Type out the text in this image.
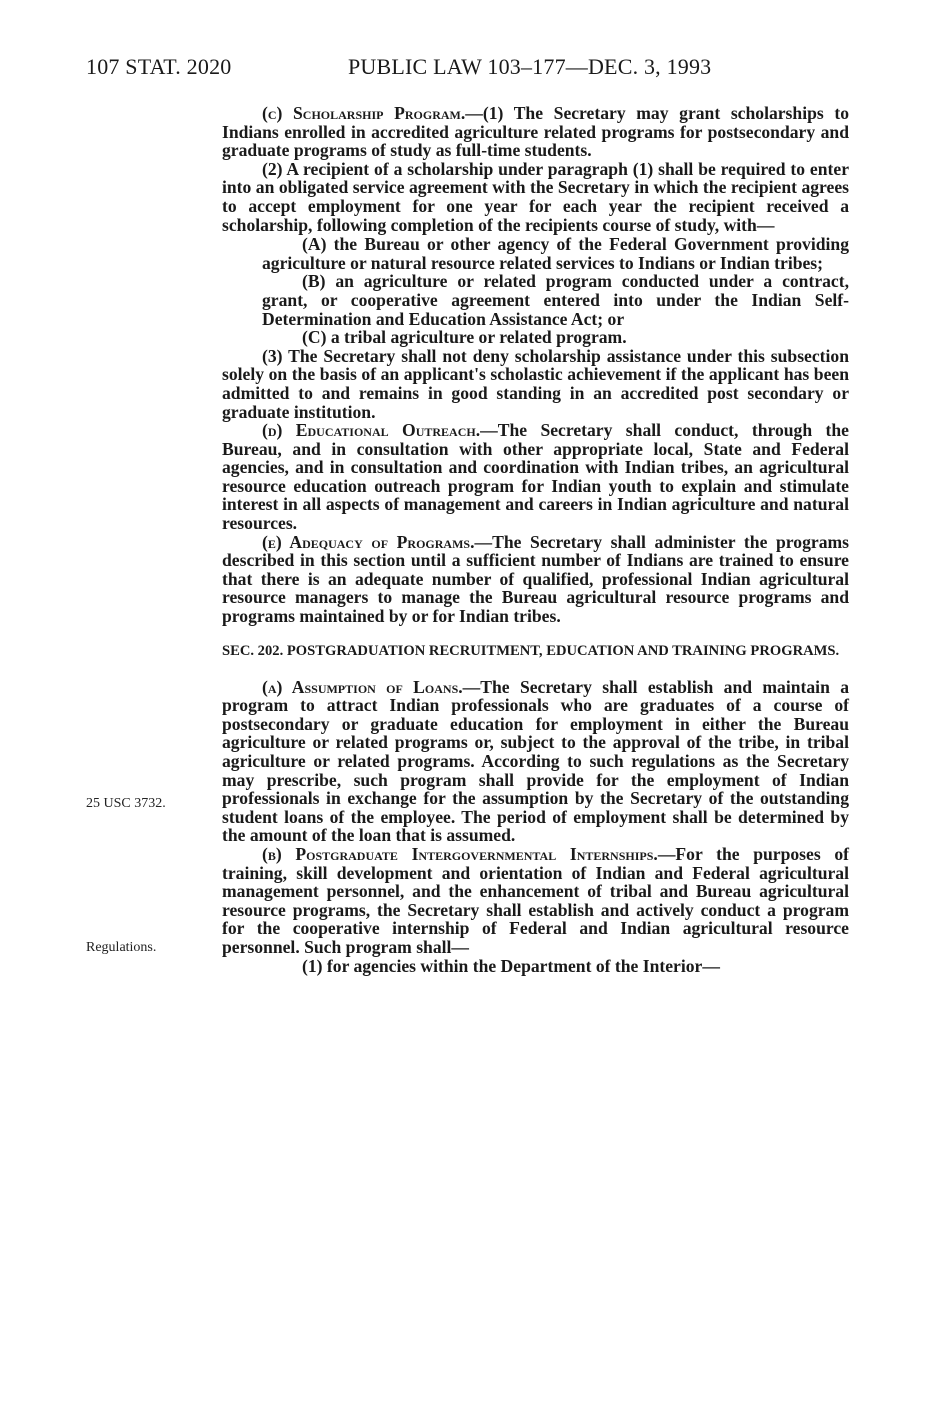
107 STAT. 2020	PUBLIC LAW 103–177—DEC. 3, 1993
25 USC 3732.
Regulations.

(c) Scholarship Program.—(1) The Secretary may grant scholarships to Indians enrolled in accredited agriculture related programs for postsecondary and graduate programs of study as full-time students.

(2) A recipient of a scholarship under paragraph (1) shall be required to enter into an obligated service agreement with the Secretary in which the recipient agrees to accept employment for one year for each year the recipient received a scholarship, following completion of the recipients course of study, with—

(A) the Bureau or other agency of the Federal Government providing agriculture or natural resource related services to Indians or Indian tribes;

(B) an agriculture or related program conducted under a contract, grant, or cooperative agreement entered into under the Indian Self-Determination and Education Assistance Act; or

(C) a tribal agriculture or related program.

(3) The Secretary shall not deny scholarship assistance under this subsection solely on the basis of an applicant's scholastic achievement if the applicant has been admitted to and remains in good standing in an accredited post secondary or graduate institution.

(d) Educational Outreach.—The Secretary shall conduct, through the Bureau, and in consultation with other appropriate local, State and Federal agencies, and in consultation and coordination with Indian tribes, an agricultural resource education outreach program for Indian youth to explain and stimulate interest in all aspects of management and careers in Indian agriculture and natural resources.

(e) Adequacy of Programs.—The Secretary shall administer the programs described in this section until a sufficient number of Indians are trained to ensure that there is an adequate number of qualified, professional Indian agricultural resource managers to manage the Bureau agricultural resource programs and programs maintained by or for Indian tribes.

SEC. 202. POSTGRADUATION RECRUITMENT, EDUCATION AND TRAINING PROGRAMS.

(a) Assumption of Loans.—The Secretary shall establish and maintain a program to attract Indian professionals who are graduates of a course of postsecondary or graduate education for employment in either the Bureau agriculture or related programs or, subject to the approval of the tribe, in tribal agriculture or related programs. According to such regulations as the Secretary may prescribe, such program shall provide for the employment of Indian professionals in exchange for the assumption by the Secretary of the outstanding student loans of the employee. The period of employment shall be determined by the amount of the loan that is assumed.

(b) Postgraduate Intergovernmental Internships.—For the purposes of training, skill development and orientation of Indian and Federal agricultural management personnel, and the enhancement of tribal and Bureau agricultural resource programs, the Secretary shall establish and actively conduct a program for the cooperative internship of Federal and Indian agricultural resource personnel. Such program shall—

(1) for agencies within the Department of the Interior—
